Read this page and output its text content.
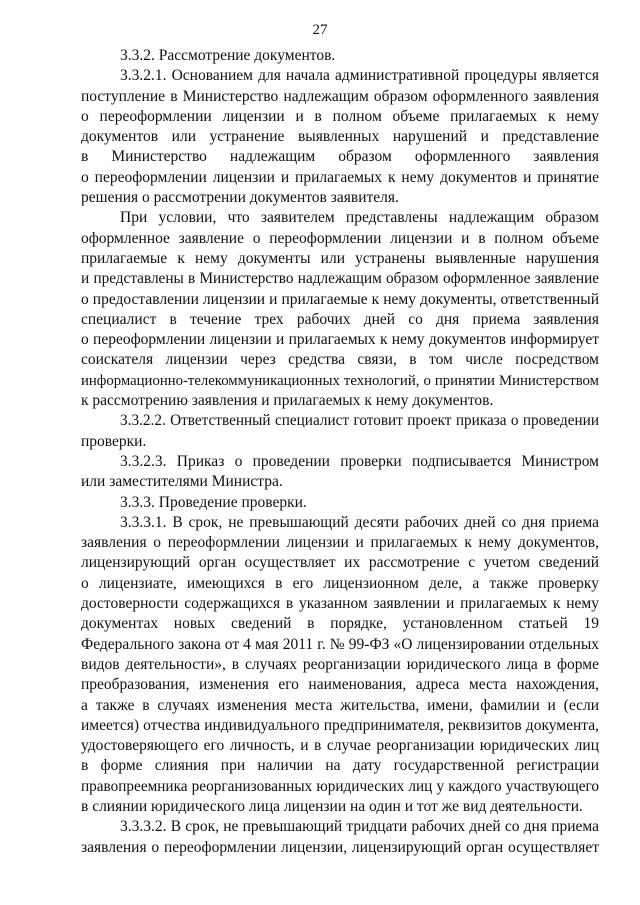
27
3.3.2. Рассмотрение документов.
3.3.2.1. Основанием для начала административной процедуры является
поступление в Министерство надлежащим образом оформленного заявления
о переоформлении лицензии и в полном объеме прилагаемых к нему
документов или устранение выявленных нарушений и представление
в Министерство надлежащим образом оформленного заявления
о переоформлении лицензии и прилагаемых к нему документов и принятие
решения о рассмотрении документов заявителя.
При условии, что заявителем представлены надлежащим образом
оформленное заявление о переоформлении лицензии и в полном объеме
прилагаемые к нему документы или устранены выявленные нарушения
и представлены в Министерство надлежащим образом оформленное заявление
о предоставлении лицензии и прилагаемые к нему документы, ответственный
специалист в течение трех рабочих дней со дня приема заявления
о переоформлении лицензии и прилагаемых к нему документов информирует
соискателя лицензии через средства связи, в том числе посредством
информационно-телекоммуникационных технологий, о принятии Министерством
к рассмотрению заявления и прилагаемых к нему документов.
3.3.2.2. Ответственный специалист готовит проект приказа о проведении
проверки.
3.3.2.3. Приказ о проведении проверки подписывается Министром
или заместителями Министра.
3.3.3. Проведение проверки.
3.3.3.1. В срок, не превышающий десяти рабочих дней со дня приема
заявления о переоформлении лицензии и прилагаемых к нему документов,
лицензирующий орган осуществляет их рассмотрение с учетом сведений
о лицензиате, имеющихся в его лицензионном деле, а также проверку
достоверности содержащихся в указанном заявлении и прилагаемых к нему
документах новых сведений в порядке, установленном статьей 19
Федерального закона от 4 мая 2011 г. № 99-ФЗ «О лицензировании отдельных
видов деятельности», в случаях реорганизации юридического лица в форме
преобразования, изменения его наименования, адреса места нахождения,
а также в случаях изменения места жительства, имени, фамилии и (если
имеется) отчества индивидуального предпринимателя, реквизитов документа,
удостоверяющего его личность, и в случае реорганизации юридических лиц
в форме слияния при наличии на дату государственной регистрации
правопреемника реорганизованных юридических лиц у каждого участвующего
в слиянии юридического лица лицензии на один и тот же вид деятельности.
3.3.3.2. В срок, не превышающий тридцати рабочих дней со дня приема
заявления о переоформлении лицензии, лицензирующий орган осуществляет
